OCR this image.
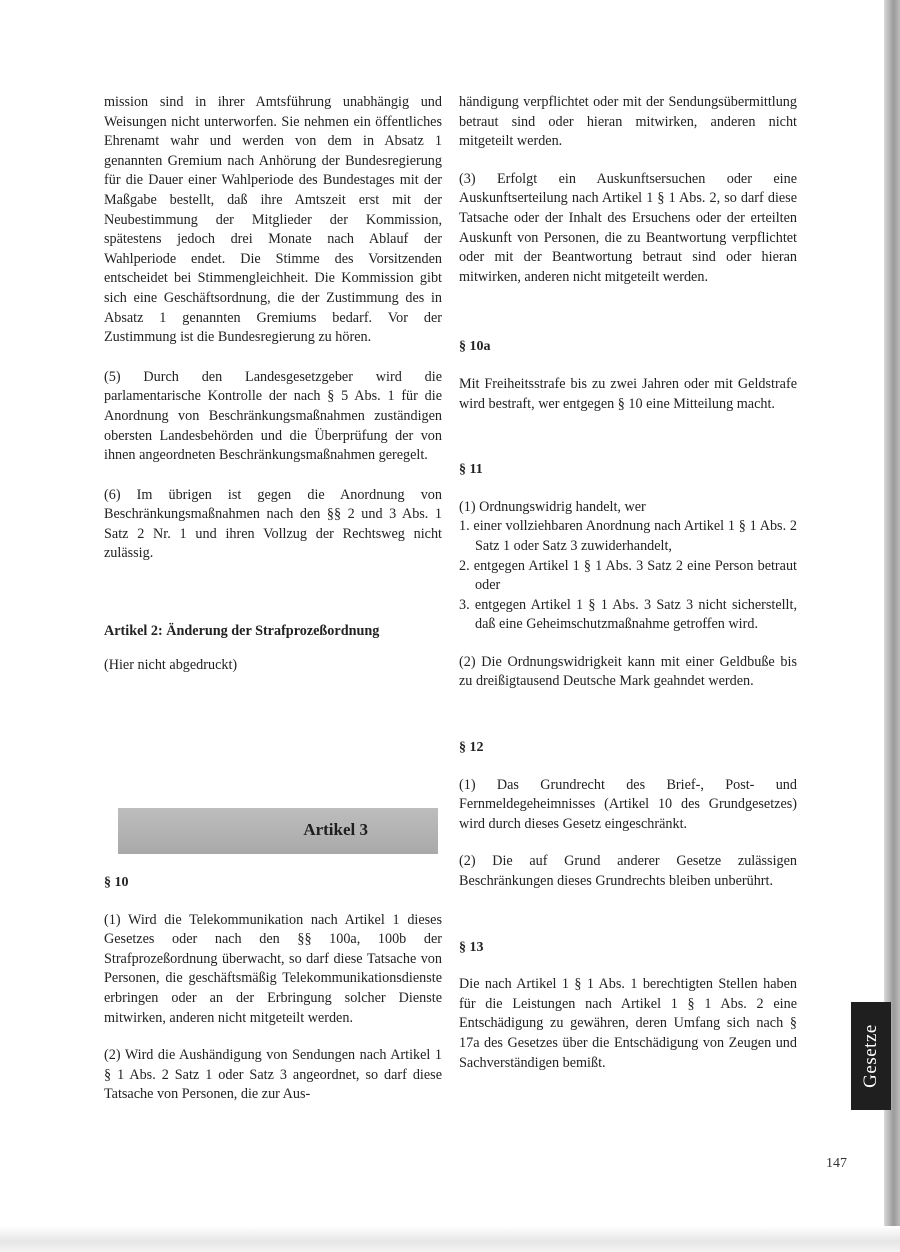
mission sind in ihrer Amtsführung unabhängig und Weisungen nicht unterworfen. Sie nehmen ein öffentliches Ehrenamt wahr und werden von dem in Absatz 1 genannten Gremium nach Anhörung der Bundesregierung für die Dauer einer Wahlperiode des Bundestages mit der Maßgabe bestellt, daß ihre Amtszeit erst mit der Neubestimmung der Mitglieder der Kommission, spätestens jedoch drei Monate nach Ablauf der Wahlperiode endet. Die Stimme des Vorsitzenden entscheidet bei Stimmengleichheit. Die Kommission gibt sich eine Geschäftsordnung, die der Zustimmung des in Absatz 1 genannten Gremiums bedarf. Vor der Zustimmung ist die Bundesregierung zu hören.

(5) Durch den Landesgesetzgeber wird die parlamentarische Kontrolle der nach § 5 Abs. 1 für die Anordnung von Beschränkungsmaßnahmen zuständigen obersten Landesbehörden und die Überprüfung der von ihnen angeordneten Beschränkungsmaßnahmen geregelt.

(6) Im übrigen ist gegen die Anordnung von Beschränkungsmaßnahmen nach den §§ 2 und 3 Abs. 1 Satz 2 Nr. 1 und ihren Vollzug der Rechtsweg nicht zulässig.

Artikel 2: Änderung der Strafprozeßordnung

(Hier nicht abgedruckt)

Artikel 3

§ 10

(1) Wird die Telekommunikation nach Artikel 1 dieses Gesetzes oder nach den §§ 100a, 100b der Strafprozeßordnung überwacht, so darf diese Tatsache von Personen, die geschäftsmäßig Telekommunikationsdienste erbringen oder an der Erbringung solcher Dienste mitwirken, anderen nicht mitgeteilt werden.

(2) Wird die Aushändigung von Sendungen nach Artikel 1 § 1 Abs. 2 Satz 1 oder Satz 3 angeordnet, so darf diese Tatsache von Personen, die zur Aus-

händigung verpflichtet oder mit der Sendungsübermittlung betraut sind oder hieran mitwirken, anderen nicht mitgeteilt werden.

(3) Erfolgt ein Auskunftsersuchen oder eine Auskunftserteilung nach Artikel 1 § 1 Abs. 2, so darf diese Tatsache oder der Inhalt des Ersuchens oder der erteilten Auskunft von Personen, die zu Beantwortung verpflichtet oder mit der Beantwortung betraut sind oder hieran mitwirken, anderen nicht mitgeteilt werden.

§ 10a

Mit Freiheitsstrafe bis zu zwei Jahren oder mit Geldstrafe wird bestraft, wer entgegen § 10 eine Mitteilung macht.

§ 11

(1) Ordnungswidrig handelt, wer

1. einer vollziehbaren Anordnung nach Artikel 1 § 1 Abs. 2 Satz 1 oder Satz 3 zuwiderhandelt,
2. entgegen Artikel 1 § 1 Abs. 3 Satz 2 eine Person betraut oder
3. entgegen Artikel 1 § 1 Abs. 3 Satz 3 nicht sicherstellt, daß eine Geheimschutzmaßnahme getroffen wird.

(2) Die Ordnungswidrigkeit kann mit einer Geldbuße bis zu dreißigtausend Deutsche Mark geahndet werden.

§ 12

(1) Das Grundrecht des Brief-, Post- und Fernmeldegeheimnisses (Artikel 10 des Grundgesetzes) wird durch dieses Gesetz eingeschränkt.

(2) Die auf Grund anderer Gesetze zulässigen Beschränkungen dieses Grundrechts bleiben unberührt.

§ 13

Die nach Artikel 1 § 1 Abs. 1 berechtigten Stellen haben für die Leistungen nach Artikel 1 § 1 Abs. 2 eine Entschädigung zu gewähren, deren Umfang sich nach § 17a des Gesetzes über die Entschädigung von Zeugen und Sachverständigen bemißt.	Gesetze
147
